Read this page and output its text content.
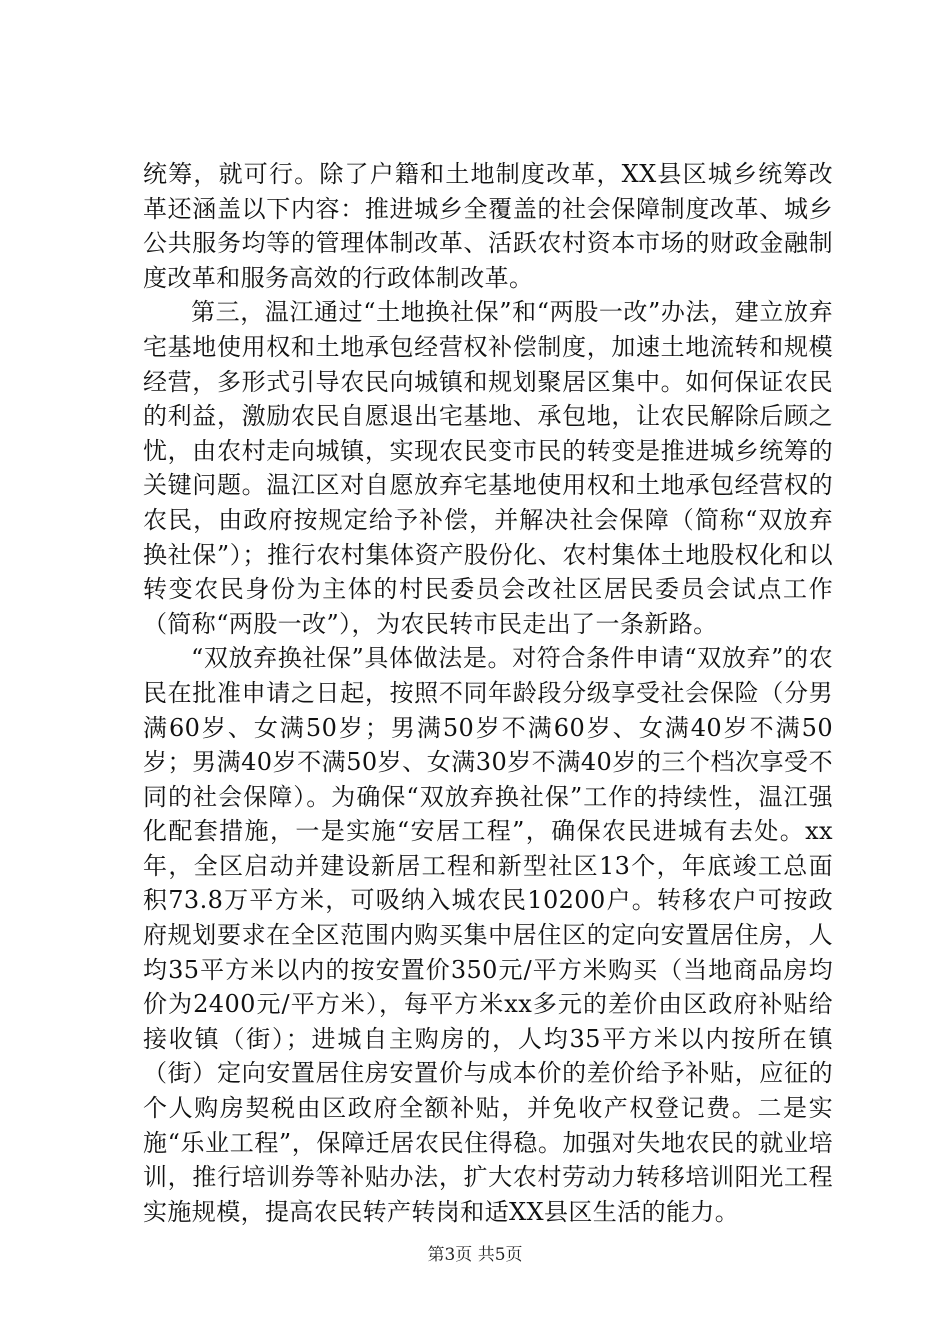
统筹，就可行。除了户籍和土地制度改革，XX县区城乡统筹改革还涵盖以下内容：推进城乡全覆盖的社会保障制度改革、城乡公共服务均等的管理体制改革、活跃农村资本市场的财政金融制度改革和服务高效的行政体制改革。

第三，温江通过“土地换社保”和“两股一改”办法，建立放弃宅基地使用权和土地承包经营权补偿制度，加速土地流转和规模经营，多形式引导农民向城镇和规划聚居区集中。如何保证农民的利益，激励农民自愿退出宅基地、承包地，让农民解除后顾之忧，由农村走向城镇，实现农民变市民的转变是推进城乡统筹的关键问题。温江区对自愿放弃宅基地使用权和土地承包经营权的农民，由政府按规定给予补偿，并解决社会保障（简称“双放弃换社保”）；推行农村集体资产股份化、农村集体土地股权化和以转变农民身份为主体的村民委员会改社区居民委员会试点工作（简称“两股一改”），为农民转市民走出了一条新路。

“双放弃换社保”具体做法是。对符合条件申请“双放弃”的农民在批准申请之日起，按照不同年龄段分级享受社会保险（分男满60岁、女满50岁；男满50岁不满60岁、女满40岁不满50岁；男满40岁不满50岁、女满30岁不满40岁的三个档次享受不同的社会保障）。为确保“双放弃换社保”工作的持续性，温江强化配套措施，一是实施“安居工程”，确保农民进城有去处。xx年，全区启动并建设新居工程和新型社区13个，年底竣工总面积73.8万平方米，可吸纳入城农民10200户。转移农户可按政府规划要求在全区范围内购买集中居住区的定向安置居住房，人均35平方米以内的按安置价350元/平方米购买（当地商品房均价为2400元/平方米），每平方米xx多元的差价由区政府补贴给接收镇（街）；进城自主购房的，人均35平方米以内按所在镇（街）定向安置居住房安置价与成本价的差价给予补贴，应征的个人购房契税由区政府全额补贴，并免收产权登记费。二是实施“乐业工程”，保障迁居农民住得稳。加强对失地农民的就业培训，推行培训券等补贴办法，扩大农村劳动力转移培训阳光工程实施规模，提高农民转产转岗和适XX县区生活的能力。

第3页 共5页
